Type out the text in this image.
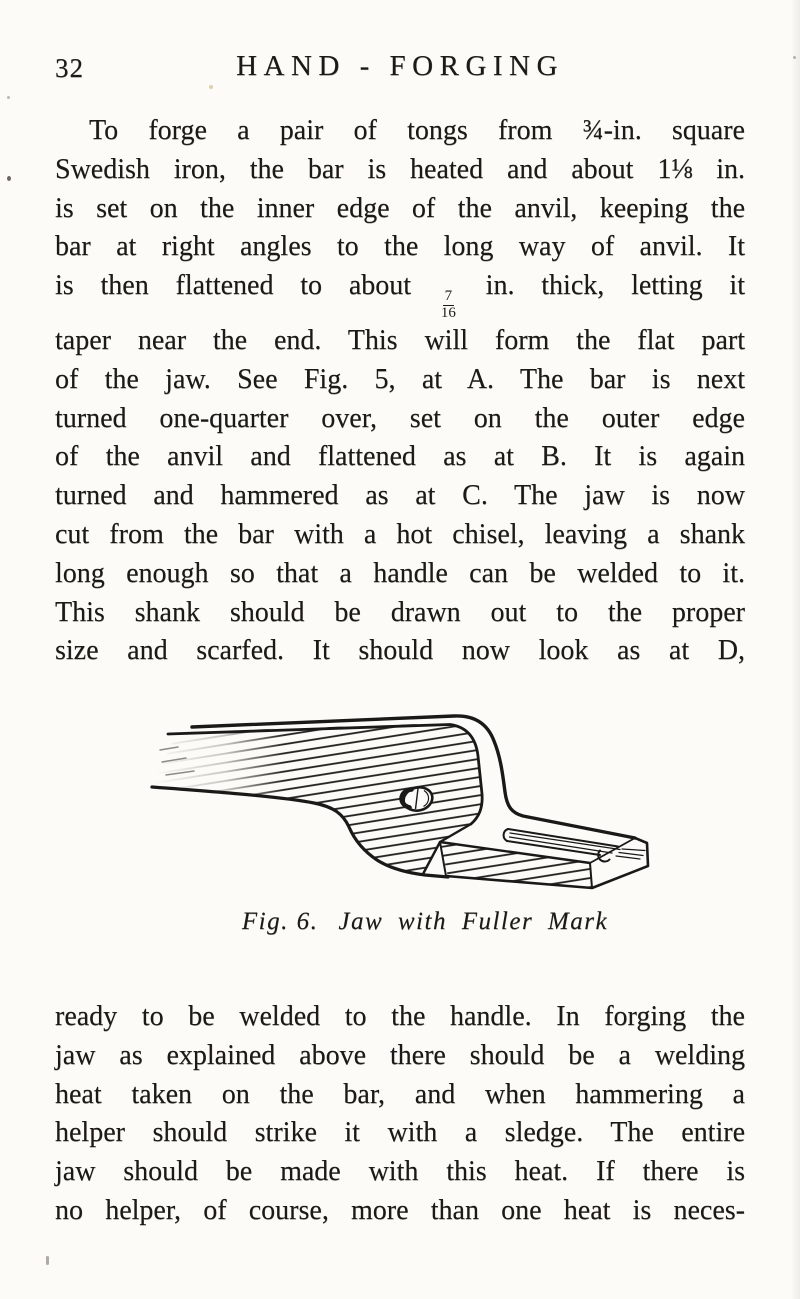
32	HAND - FORGING
To forge a pair of tongs from ¾-in. square
Swedish iron, the bar is heated and about 1⅛ in.
is set on the inner edge of the anvil, keeping the
bar at right angles to the long way of anvil. It
is then flattened to about
$\frac{7}{16}$
in. thick, letting it
taper near the end. This will form the flat part
of the jaw. See Fig. 5, at A. The bar is next
turned one-quarter over, set on the outer edge
of the anvil and flattened as at B. It is again
turned and hammered as at C. The jaw is now
cut from the bar with a hot chisel, leaving a shank
long enough so that a handle can be welded to it.
This shank should be drawn out to the proper
size and scarfed. It should now look as at D,
Fig. 6. Jaw with Fuller Mark
ready to be welded to the handle. In forging the
jaw as explained above there should be a welding
heat taken on the bar, and when hammering a
helper should strike it with a sledge. The entire
jaw should be made with this heat. If there is
no helper, of course, more than one heat is neces-
